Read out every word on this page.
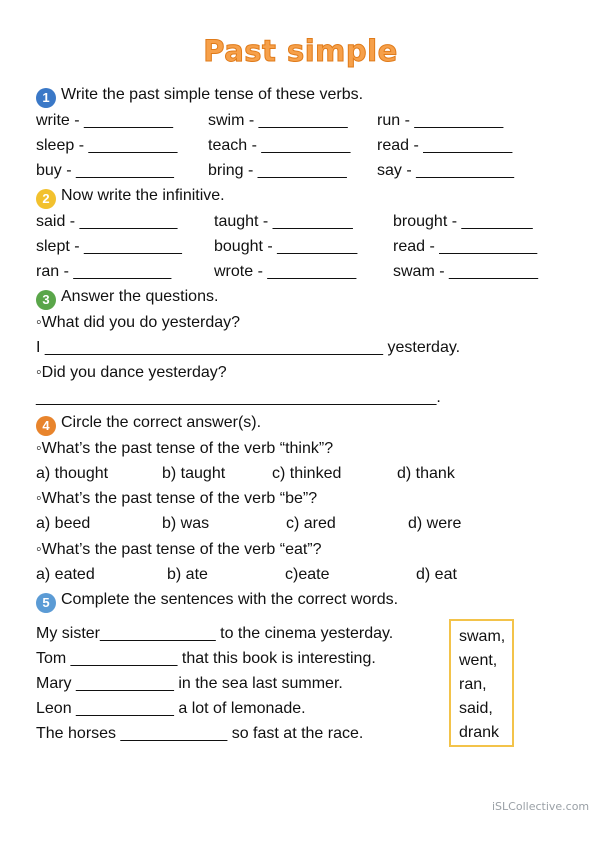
Past simple
1 Write the past simple tense of these verbs.
write - __________ swim - __________ run - __________
sleep - __________ teach - __________ read - __________
buy - ___________ bring - __________ say - ___________
2 Now write the infinitive.
said - ___________ taught - _________	brought - ________
slept - ___________ bought - _________ read - ___________
ran - ___________	wrote - __________ swam - __________
3 Answer the questions.
◦What did you do yesterday?
I ______________________________________ yesterday.
◦Did you dance yesterday?
_____________________________________________.
4 Circle the correct answer(s).
◦What’s the past tense of the verb “think”?
a) thought	b) taught	c) thinked	d) thank
◦What’s the past tense of the verb “be”?
a) beed	b) was	c) ared	d) were
◦What’s the past tense of the verb “eat”?
a) eated	b) ate	c)eate	d) eat
5 Complete the sentences with the correct words.
My sister_____________ to the cinema yesterday.
Tom ____________ that this book is interesting.
Mary ___________ in the sea last summer.
Leon ___________ a lot of lemonade.
The horses ____________ so fast at the race.
swam,
went,
ran,
said,
drank
iSLCollective.com
